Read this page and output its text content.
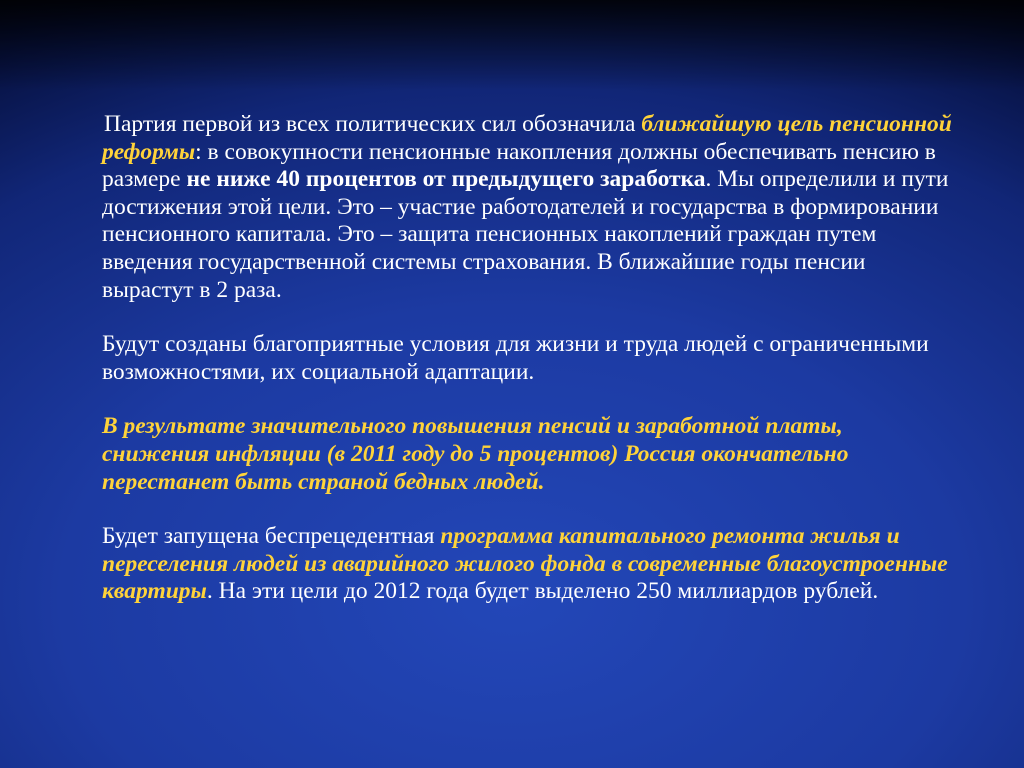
Партия первой из всех политических сил обозначила ближайшую цель пенсионной реформы: в совокупности пенсионные накопления должны обеспечивать пенсию в размере не ниже 40 процентов от предыдущего заработка. Мы определили и пути достижения этой цели. Это – участие работодателей и государства в формировании пенсионного капитала. Это – защита пенсионных накоплений граждан путем введения государственной системы страхования. В ближайшие годы пенсии вырастут в 2 раза.

Будут созданы благоприятные условия для жизни и труда людей с ограниченными возможностями, их социальной адаптации.

В результате значительного повышения пенсий и заработной платы, снижения инфляции (в 2011 году до 5 процентов) Россия окончательно перестанет быть страной бедных людей.

Будет запущена беспрецедентная программа капитального ремонта жилья и переселения людей из аварийного жилого фонда в современные благоустроенные квартиры. На эти цели до 2012 года будет выделено 250 миллиардов рублей.
